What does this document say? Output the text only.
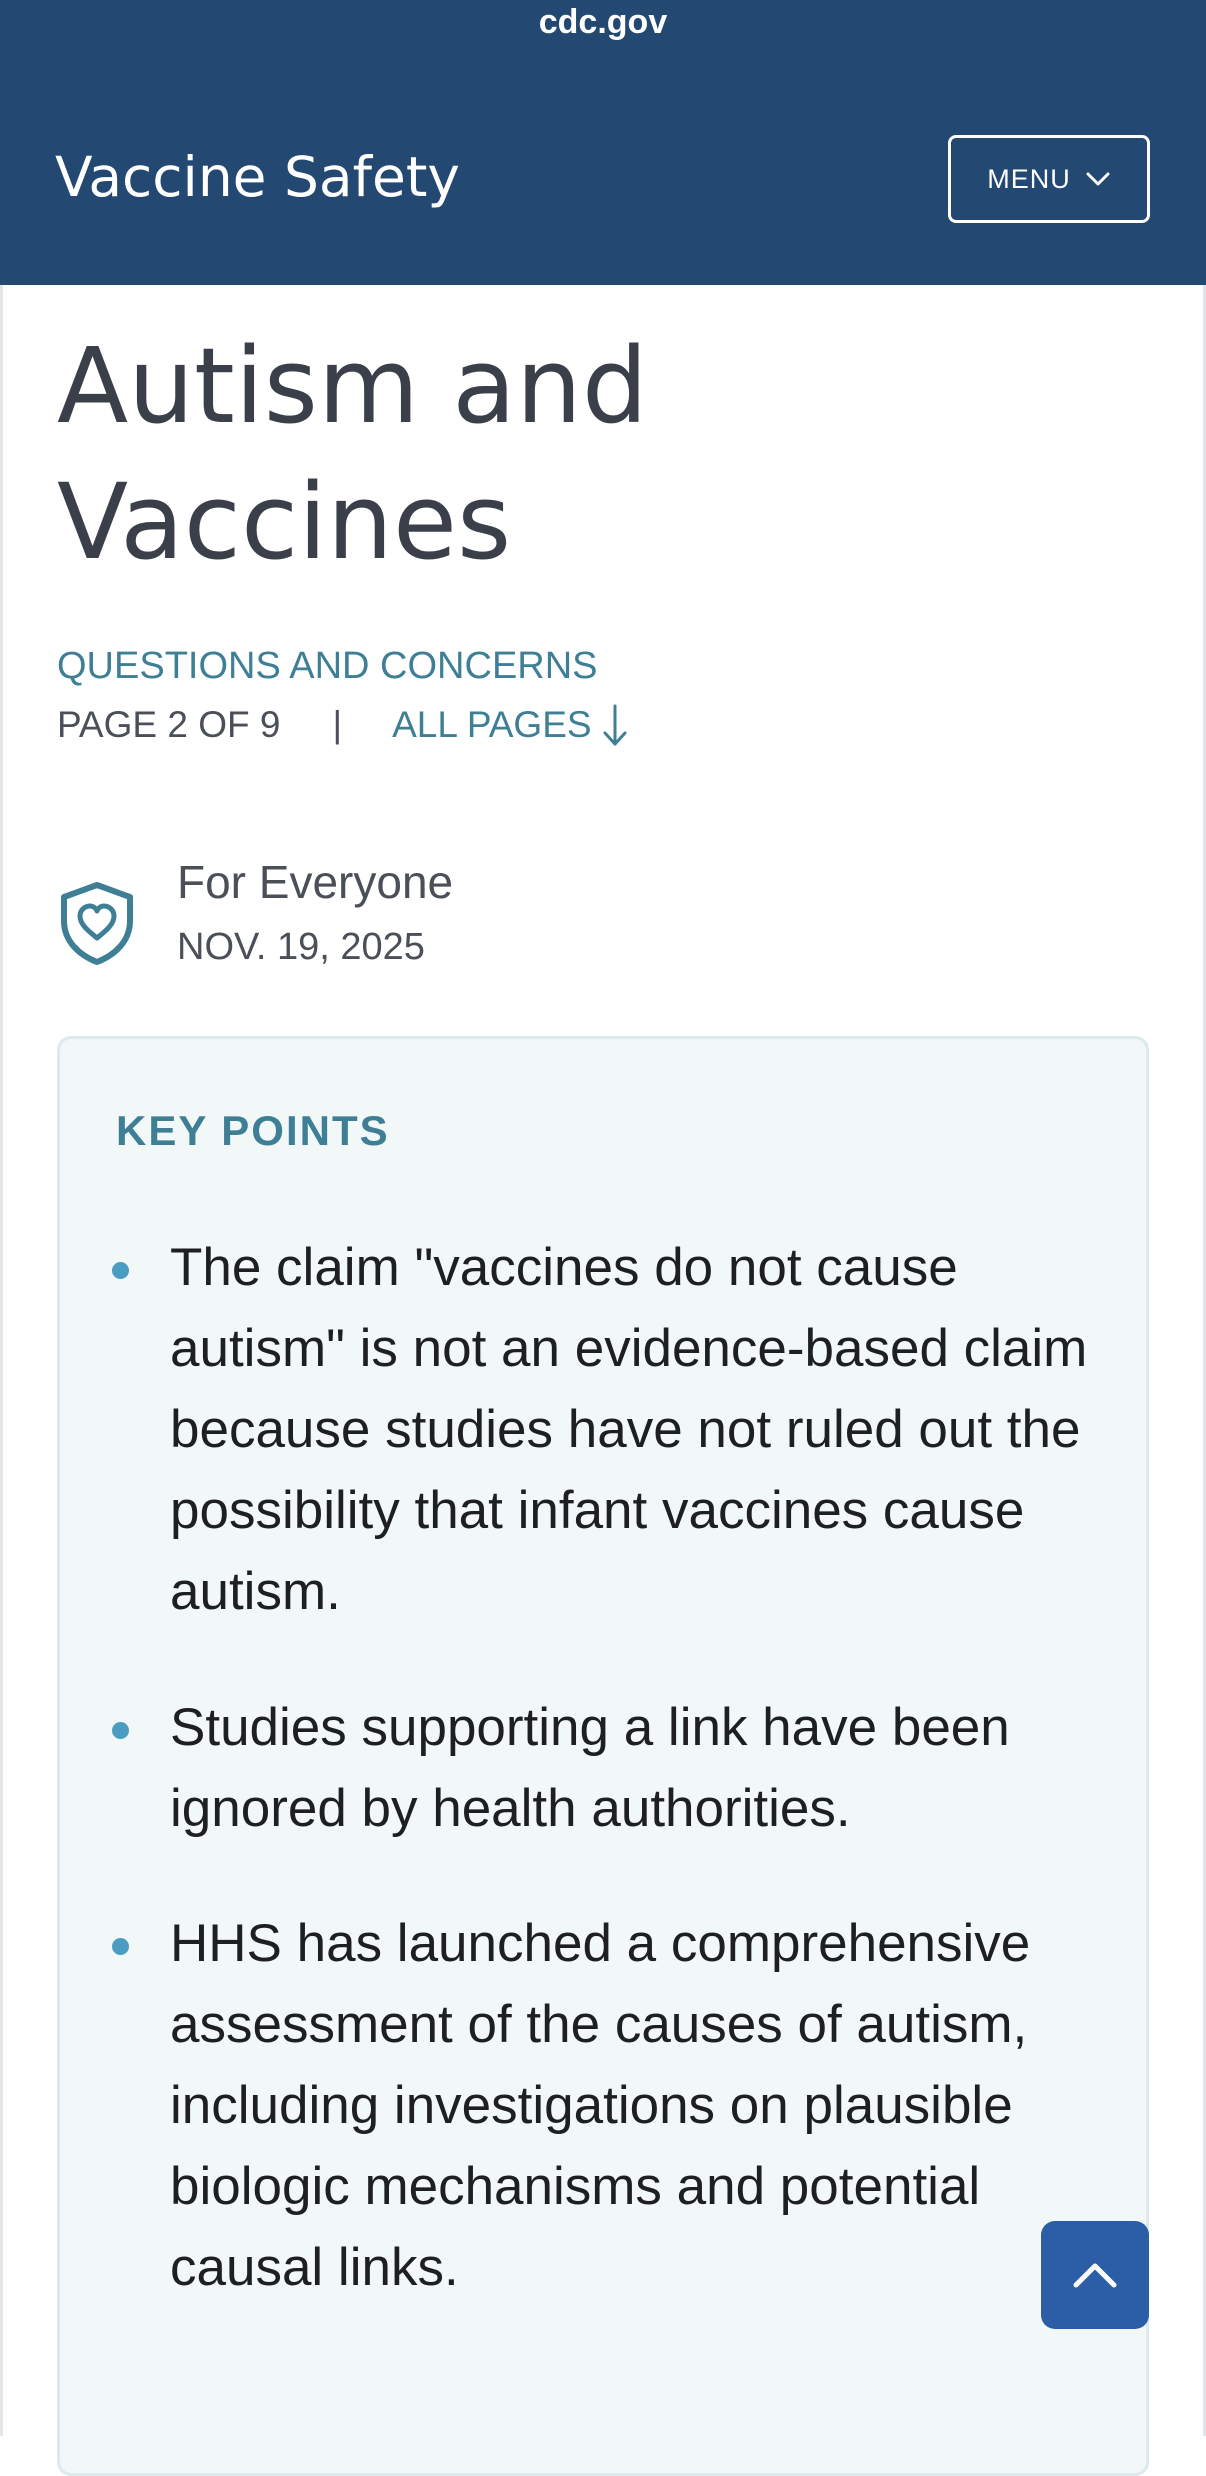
cdc.gov
Vaccine Safety	MENU
Autism and Vaccines
QUESTIONS AND CONCERNS
PAGE 2 OF 9 | ALL PAGES
For Everyone
NOV. 19, 2025
KEY POINTS

The claim "vaccines do not cause autism" is not an evidence-based claim because studies have not ruled out the possibility that infant vaccines cause autism.

Studies supporting a link have been ignored by health authorities.

HHS has launched a comprehensive assessment of the causes of autism, including investigations on plausible biologic mechanisms and potential causal links.
